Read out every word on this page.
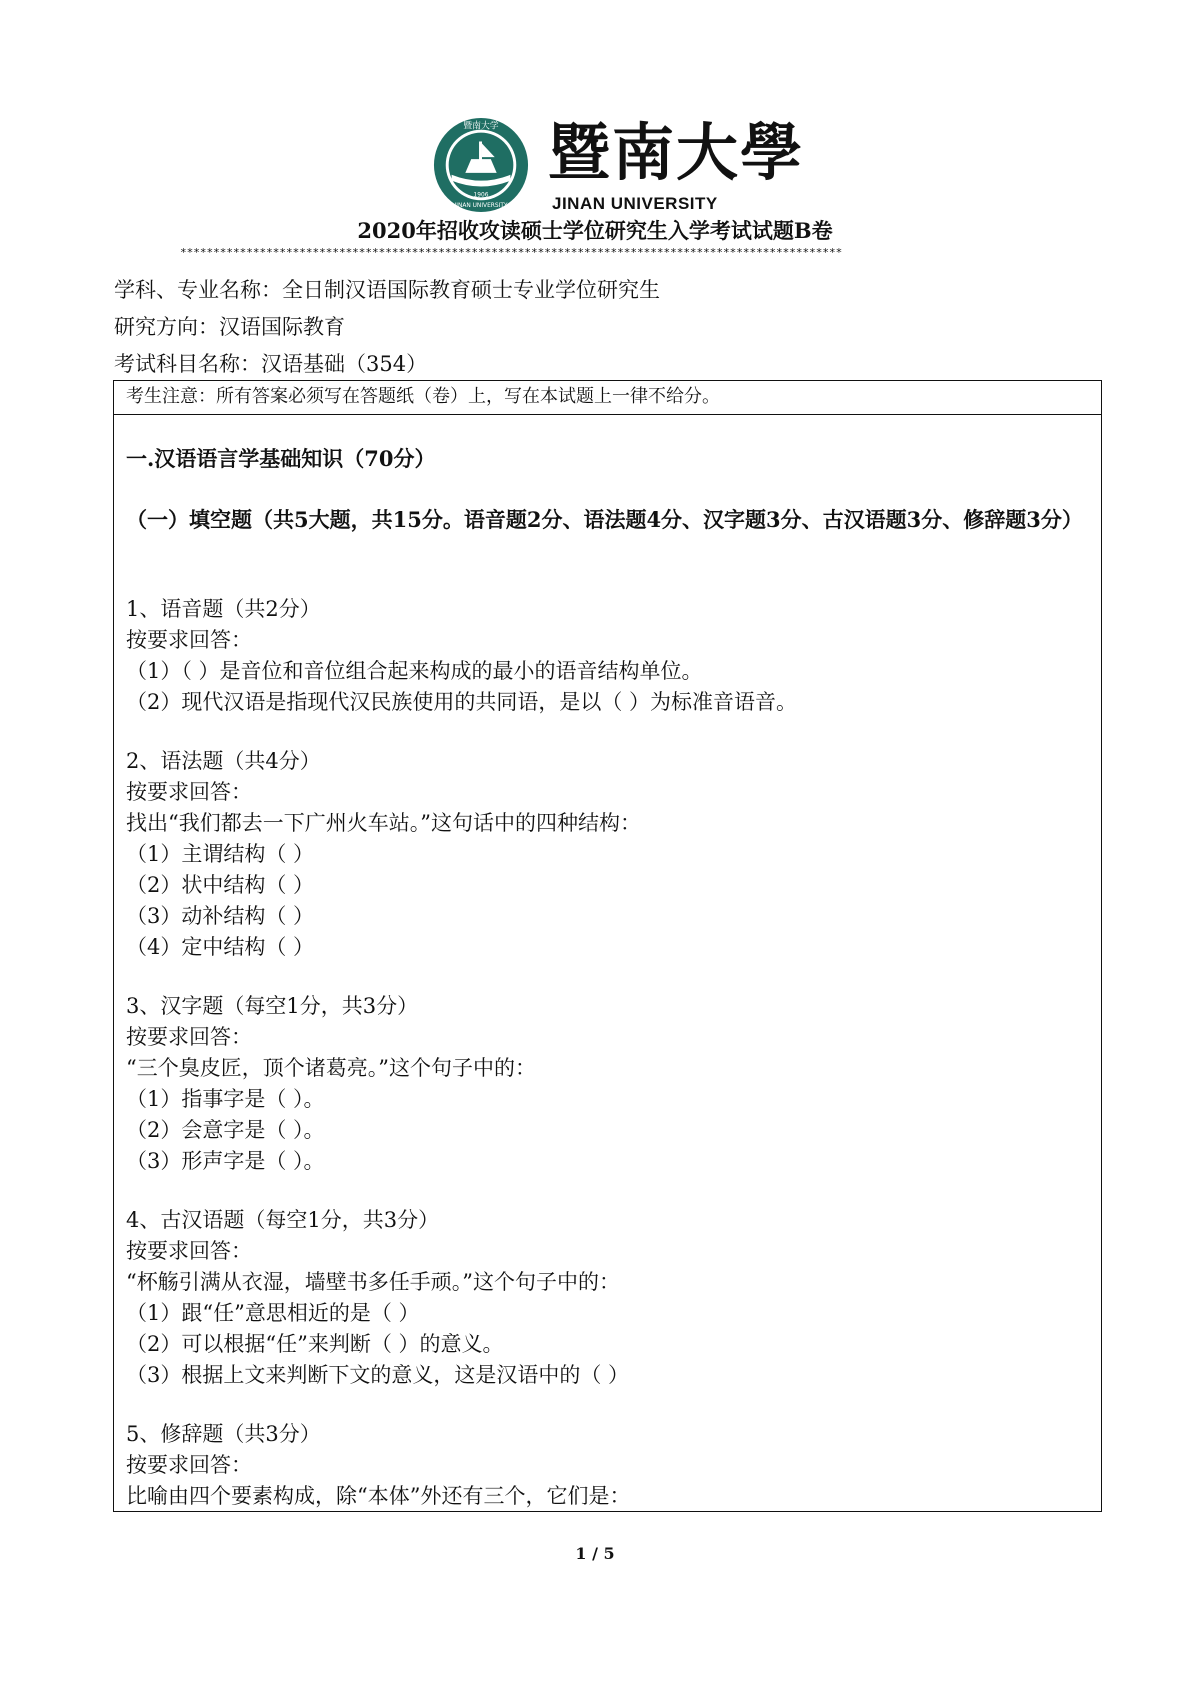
暨南大学
JINAN UNIVERSITY
1906
暨南大學
JINAN UNIVERSITY
2020年招收攻读硕士学位研究生入学考试试题B卷
****************************************************************************************************
学科、专业名称：全日制汉语国际教育硕士专业学位研究生
研究方向：汉语国际教育
考试科目名称：汉语基础（354）
考生注意：所有答案必须写在答题纸（卷）上，写在本试题上一律不给分。
一.汉语语言学基础知识（70分）
（一）填空题（共5大题，共15分。语音题2分、语法题4分、汉字题3分、古汉语题3分、修辞题3分）
1、语音题（共2分）
按要求回答：
（1）（ ）是音位和音位组合起来构成的最小的语音结构单位。
（2）现代汉语是指现代汉民族使用的共同语，是以（ ）为标准音语音。
2、语法题（共4分）
按要求回答：
找出“我们都去一下广州火车站。”这句话中的四种结构：
（1）主谓结构（ ）
（2）状中结构（ ）
（3）动补结构（ ）
（4）定中结构（ ）
3、汉字题（每空1分，共3分）
按要求回答：
“三个臭皮匠，顶个诸葛亮。”这个句子中的：
（1）指事字是（ ）。
（2）会意字是（ ）。
（3）形声字是（ ）。
4、古汉语题（每空1分，共3分）
按要求回答：
“杯觞引满从衣湿，墙壁书多任手顽。”这个句子中的：
（1）跟“任”意思相近的是（ ）
（2）可以根据“任”来判断（ ）的意义。
（3）根据上文来判断下文的意义，这是汉语中的（ ）
5、修辞题（共3分）
按要求回答：
比喻由四个要素构成，除“本体”外还有三个，它们是：
1 / 5
